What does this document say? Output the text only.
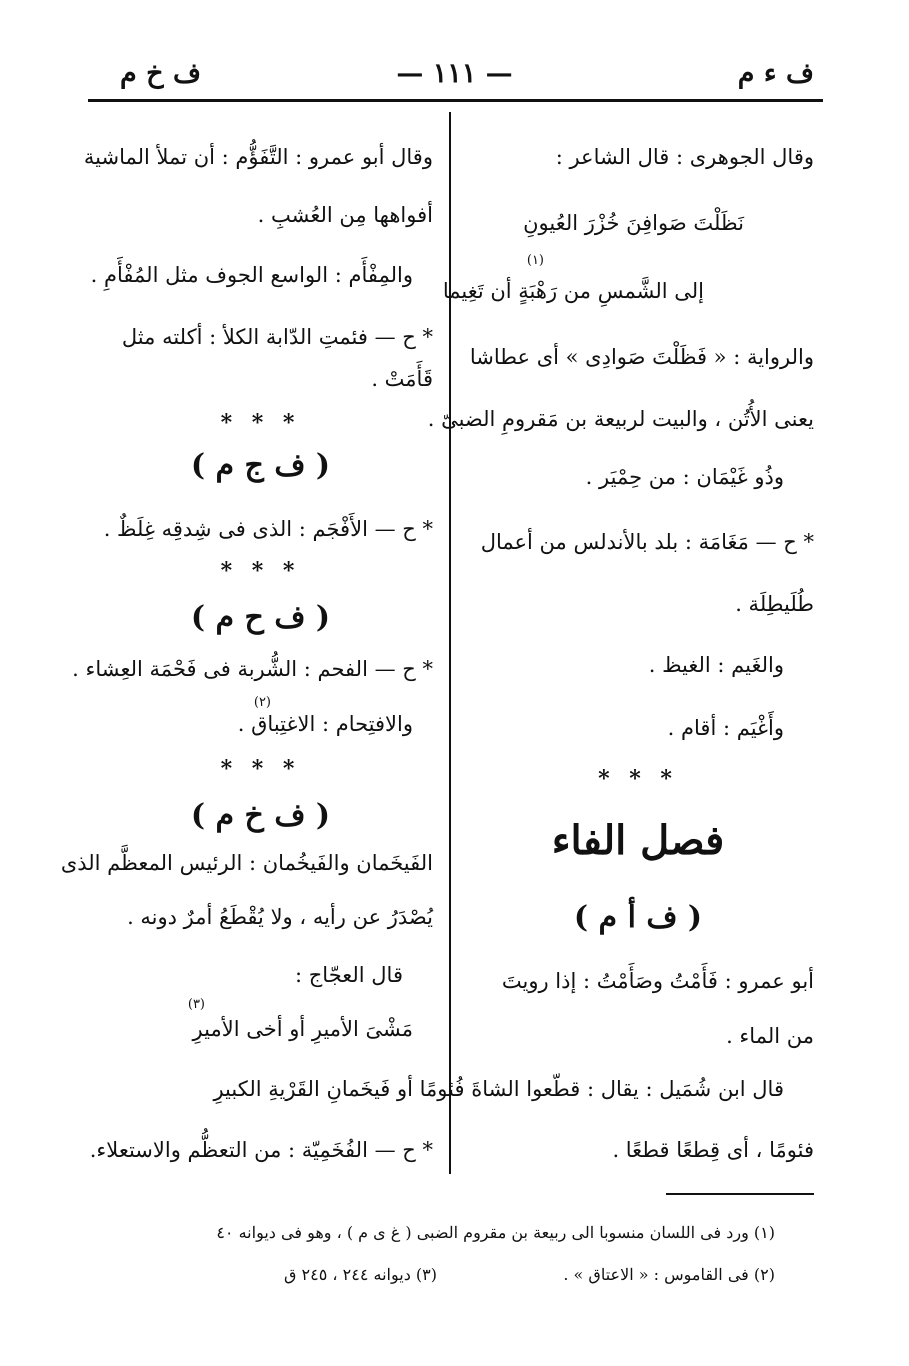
ف خ م	— ١١١ —	ف ء م
وقال الجوهرى : قال الشاعر :
نَظَلْتَ صَوافِنَ خُزْرَ العُيونِ
(١)
إلى الشَّمسِ من رَهْبَةٍ أن تَغِيما
والرواية : « فَظَلْتَ صَوادِى » أى عطاشا
يعنى الأُتُن ، والبيت لربيعة بن مَقرومِ الضبىّ .
وذُو غَيْمَان : من حِمْيَر .
* ح — مَغَامَة : بلد بالأندلس من أعمال
طُلَيطِلَة .
والغَيم : الغيظ .
وأَغْيَم : أقام .
* * *
فصل الفاء
( ف أ م )
أبو عمرو : فَأَمْتُ وصَأَمْتُ : إذا رويتَ
من الماء .
قال ابن شُمَيل : يقال : قطّعوا الشاةَ فُئومًا
فئومًا ، أى قِطعًا قطعًا .
وقال أبو عمرو : التَّفَؤُّم : أن تملأ الماشية
أفواهها مِن العُشبِ .
والمِفْأَم : الواسع الجوف مثل المُفْأَمِ .
* ح — فئمتِ الدّابة الكلأ : أكلته مثل
قَأَمَتْ .
* * *
( ف ج م )
* ح — الأَفْجَم : الذى فى شِدقِه غِلَظٌ .
* * *
( ف ح م )
* ح — الفحم : الشُّربة فى فَحْمَة العِشاء .
(٢)
والافتِحام : الاغتِباق .
* * *
( ف خ م )
الفَيخَمان والفَيخُمان : الرئيس المعظَّم الذى
يُصْدَرُ عن رأيه ، ولا يُقْطَعُ أمرٌ دونه .
قال العجّاج :
(٣)
مَشْىَ الأميرِ أو أخى الأميرِ
أو فَيخَمانِ القَرْيةِ الكبيرِ
* ح — الفُخَمِيّة : من التعظُّم والاستعلاء.
(١) ورد فى اللسان منسوبا الى ربيعة بن مقروم الضبى ( غ ى م ) ، وهو فى ديوانه ٤٠
(٢) فى القاموس : « الاعتاق » .
(٣) ديوانه ٢٤٤ ، ٢٤٥ ق
